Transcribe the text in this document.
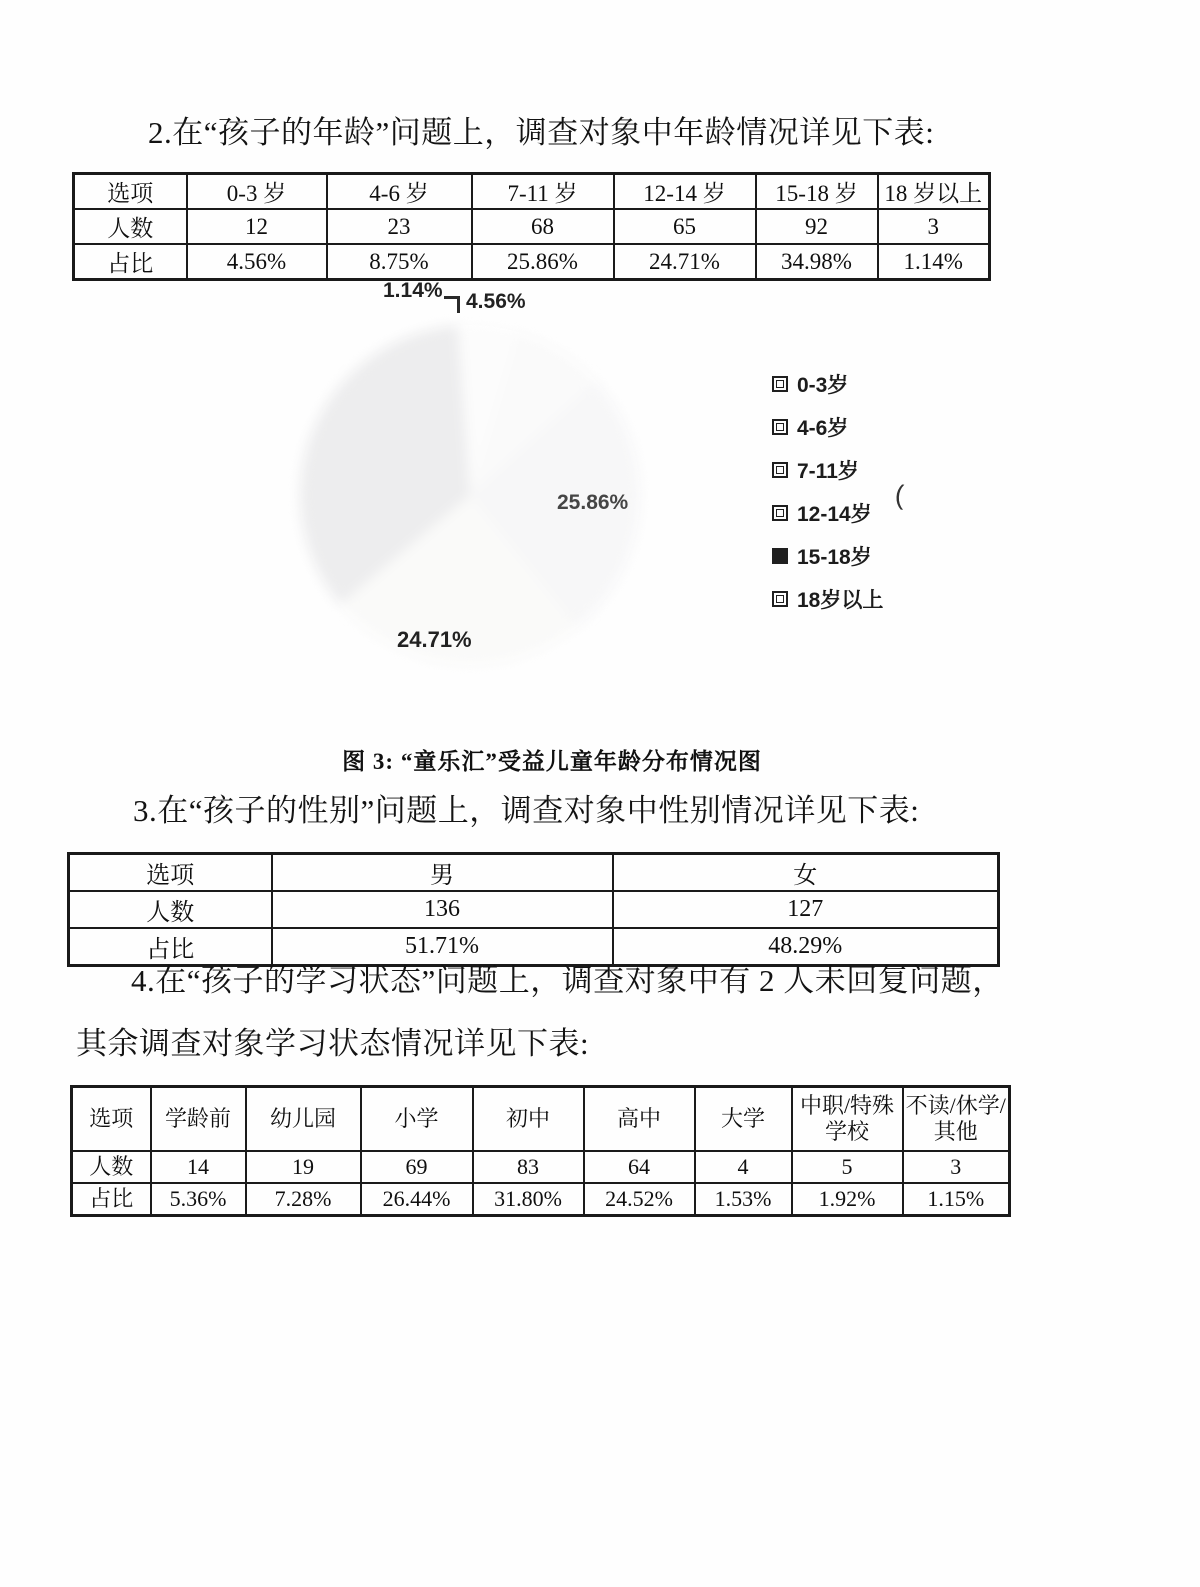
2.在“孩子的年龄”问题上，调查对象中年龄情况详见下表:
选项	0-3 岁	4-6 岁	7-11 岁	12-14 岁	15-18 岁	18 岁以上
人数	12	23	68	65	92	3
占比	4.56%	8.75%	25.86%	24.71%	34.98%	1.14%
1.14% 4.56%
25.86%
24.71%
0-3岁
4-6岁
7-11岁
12-14岁
15-18岁
18岁以上
(
图 3: “童乐汇”受益儿童年龄分布情况图
3.在“孩子的性别”问题上，调查对象中性别情况详见下表:
选项	男	女
人数	136	127
占比	51.71%	48.29%
4.在“孩子的学习状态”问题上，调查对象中有 2 人未回复问题，
其余调查对象学习状态情况详见下表:
选项	学龄前	幼儿园	小学	初中	高中	大学	中职/特殊学校	不读/休学/其他
人数	14	19	69	83	64	4	5	3
占比	5.36%	7.28%	26.44%	31.80%	24.52%	1.53%	1.92%	1.15%
